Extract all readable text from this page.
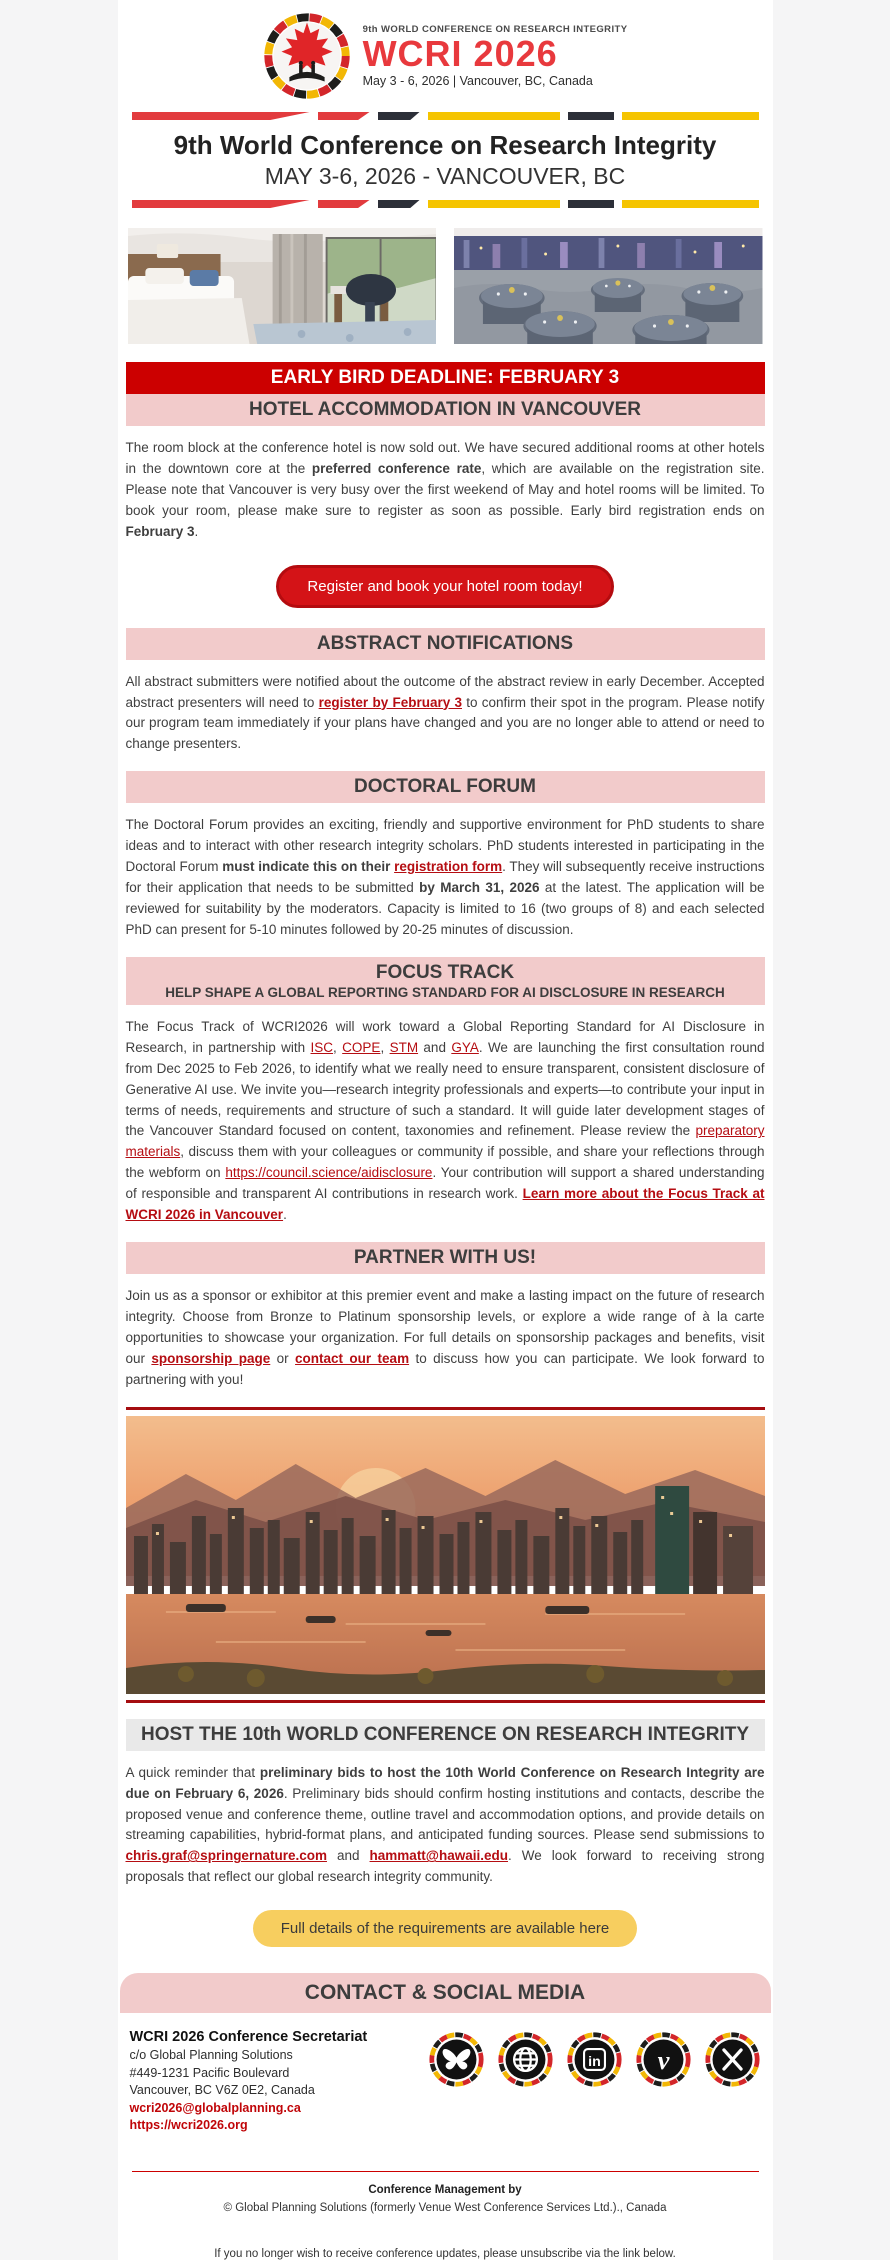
9th WORLD CONFERENCE ON RESEARCH INTEGRITY
WCRI 2026
May 3 - 6, 2026 | Vancouver, BC, Canada
9th World Conference on Research Integrity
MAY 3-6, 2026 - VANCOUVER, BC
EARLY BIRD DEADLINE: FEBRUARY 3
HOTEL ACCOMMODATION IN VANCOUVER
The room block at the conference hotel is now sold out. We have secured additional rooms at other hotels in the downtown core at the preferred conference rate, which are available on the registration site. Please note that Vancouver is very busy over the first weekend of May and hotel rooms will be limited. To book your room, please make sure to register as soon as possible. Early bird registration ends on February 3.
Register and book your hotel room today!
ABSTRACT NOTIFICATIONS
All abstract submitters were notified about the outcome of the abstract review in early December. Accepted abstract presenters will need to register by February 3 to confirm their spot in the program. Please notify our program team immediately if your plans have changed and you are no longer able to attend or need to change presenters.
DOCTORAL FORUM
The Doctoral Forum provides an exciting, friendly and supportive environment for PhD students to share ideas and to interact with other research integrity scholars. PhD students interested in participating in the Doctoral Forum must indicate this on their registration form. They will subsequently receive instructions for their application that needs to be submitted by March 31, 2026 at the latest. The application will be reviewed for suitability by the moderators. Capacity is limited to 16 (two groups of 8) and each selected PhD can present for 5-10 minutes followed by 20-25 minutes of discussion.
FOCUS TRACK
HELP SHAPE A GLOBAL REPORTING STANDARD FOR AI DISCLOSURE IN RESEARCH
The Focus Track of WCRI2026 will work toward a Global Reporting Standard for AI Disclosure in Research, in partnership with ISC, COPE, STM and GYA. We are launching the first consultation round from Dec 2025 to Feb 2026, to identify what we really need to ensure transparent, consistent disclosure of Generative AI use. We invite you—research integrity professionals and experts—to contribute your input in terms of needs, requirements and structure of such a standard. It will guide later development stages of the Vancouver Standard focused on content, taxonomies and refinement. Please review the preparatory materials, discuss them with your colleagues or community if possible, and share your reflections through the webform on https://council.science/aidisclosure. Your contribution will support a shared understanding of responsible and transparent AI contributions in research work. Learn more about the Focus Track at WCRI 2026 in Vancouver.
PARTNER WITH US!
Join us as a sponsor or exhibitor at this premier event and make a lasting impact on the future of research integrity. Choose from Bronze to Platinum sponsorship levels, or explore a wide range of à la carte opportunities to showcase your organization. For full details on sponsorship packages and benefits, visit our sponsorship page or contact our team to discuss how you can participate. We look forward to partnering with you!
HOST THE 10th WORLD CONFERENCE ON RESEARCH INTEGRITY
A quick reminder that preliminary bids to host the 10th World Conference on Research Integrity are due on February 6, 2026. Preliminary bids should confirm hosting institutions and contacts, describe the proposed venue and conference theme, outline travel and accommodation options, and provide details on streaming capabilities, hybrid-format plans, and anticipated funding sources. Please send submissions to chris.graf@springernature.com and hammatt@hawaii.edu. We look forward to receiving strong proposals that reflect our global research integrity community.
Full details of the requirements are available here
CONTACT & SOCIAL MEDIA
WCRI 2026 Conference Secretariat
c/o Global Planning Solutions
#449-1231 Pacific Boulevard
Vancouver, BC V6Z 0E2, Canada
wcri2026@globalplanning.ca
https://wcri2026.org
in v
Conference Management by
© Global Planning Solutions (formerly Venue West Conference Services Ltd.)., Canada
If you no longer wish to receive conference updates, please unsubscribe via the link below.
